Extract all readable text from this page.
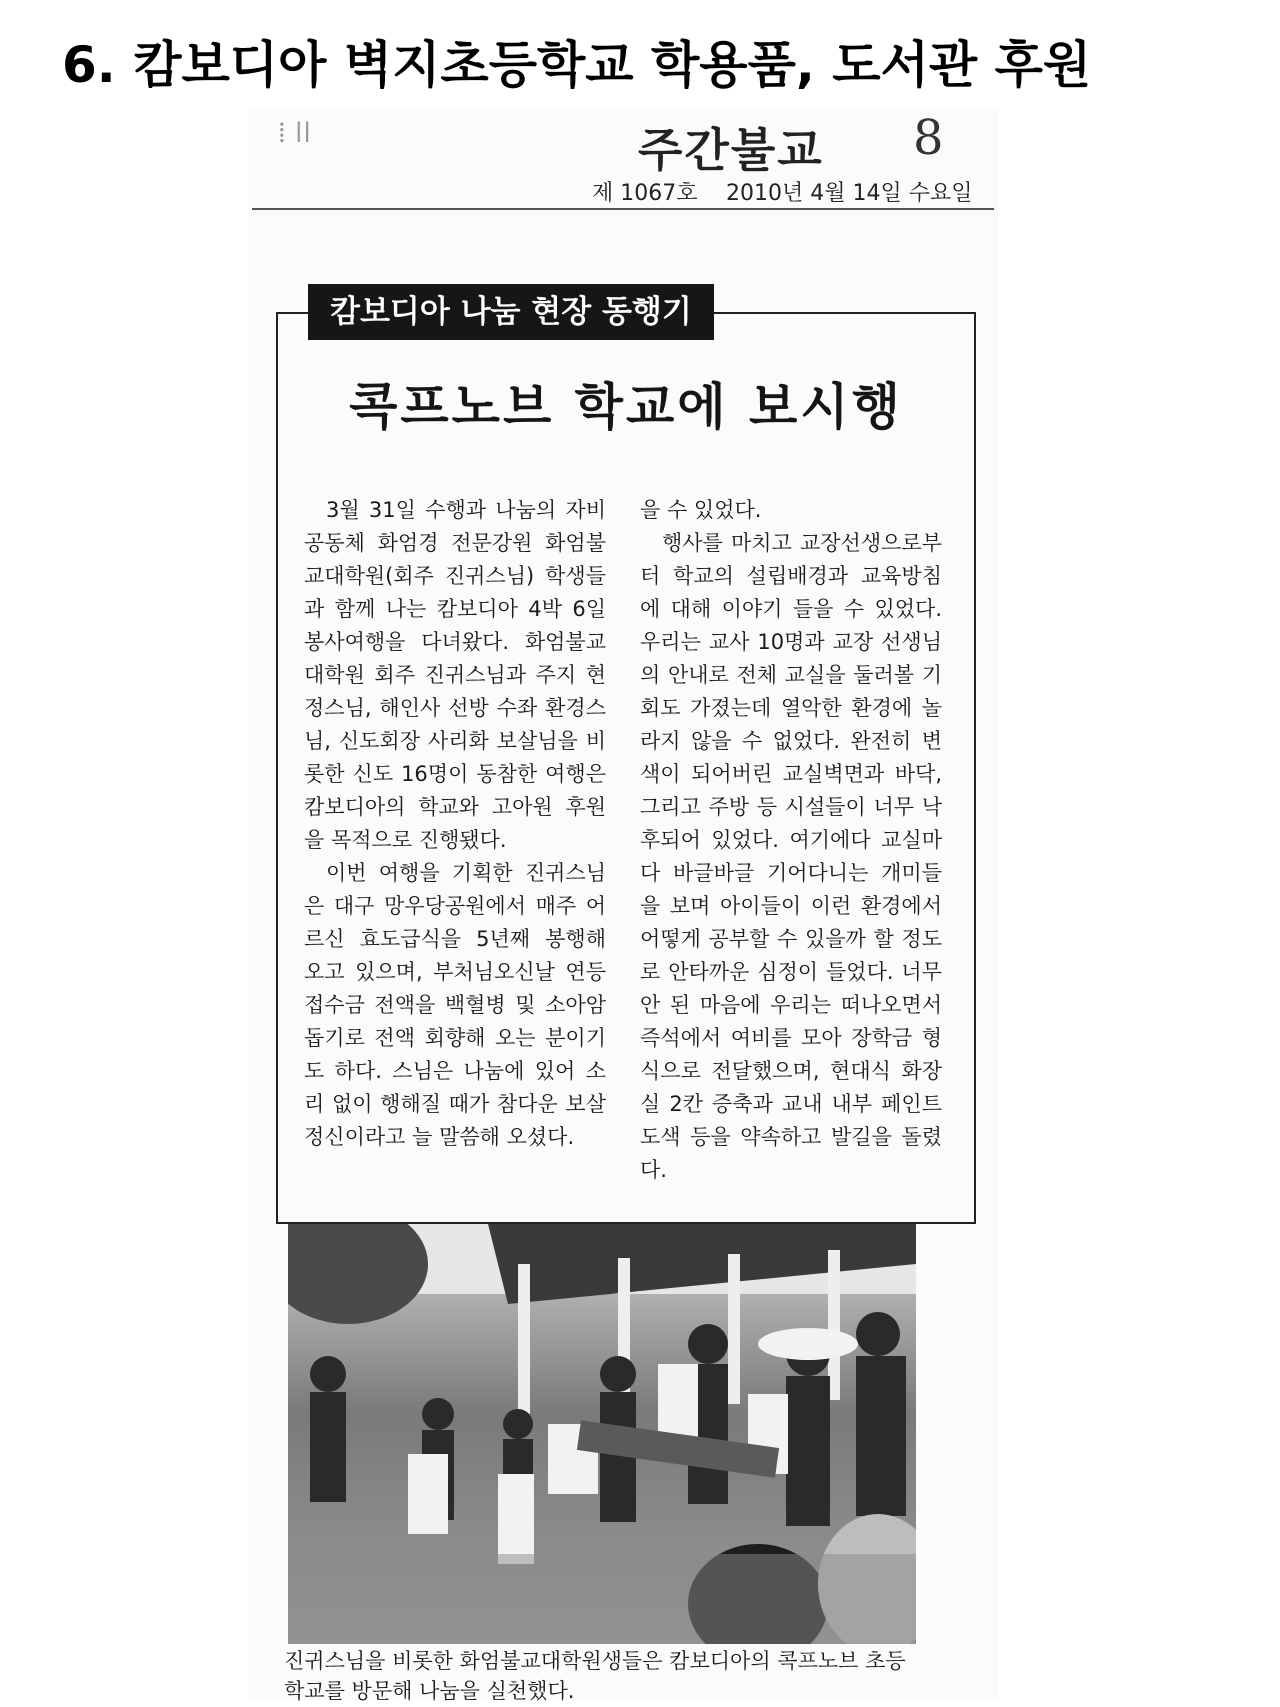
6. 캄보디아 벽지초등학교 학용품, 도서관 후원
⁞ ǀǀ	주간불교 8
제 1067호 2010년 4월 14일 수요일
캄보디아 나눔 현장 동행기
콕프노브 학교에 보시행

3월 31일 수행과 나눔의 자비공동체 화엄경 전문강원 화엄불교대학원(회주 진귀스님) 학생들과 함께 나는 캄보디아 4박 6일 봉사여행을 다녀왔다. 화엄불교대학원 회주 진귀스님과 주지 현정스님, 해인사 선방 수좌 환경스님, 신도회장 사리화 보살님을 비롯한 신도 16명이 동참한 여행은 캄보디아의 학교와 고아원 후원을 목적으로 진행됐다.

이번 여행을 기획한 진귀스님은 대구 망우당공원에서 매주 어르신 효도급식을 5년째 봉행해 오고 있으며, 부처님오신날 연등 접수금 전액을 백혈병 및 소아암 돕기로 전액 회향해 오는 분이기도 하다. 스님은 나눔에 있어 소리 없이 행해질 때가 참다운 보살 정신이라고 늘 말씀해 오셨다.

을 수 있었다.

행사를 마치고 교장선생으로부터 학교의 설립배경과 교육방침에 대해 이야기 들을 수 있었다. 우리는 교사 10명과 교장 선생님의 안내로 전체 교실을 둘러볼 기회도 가졌는데 열악한 환경에 놀라지 않을 수 없었다. 완전히 변색이 되어버린 교실벽면과 바닥, 그리고 주방 등 시설들이 너무 낙후되어 있었다. 여기에다 교실마다 바글바글 기어다니는 개미들을 보며 아이들이 이런 환경에서 어떻게 공부할 수 있을까 할 정도로 안타까운 심정이 들었다. 너무 안 된 마음에 우리는 떠나오면서 즉석에서 여비를 모아 장학금 형식으로 전달했으며, 현대식 화장실 2칸 증축과 교내 내부 페인트 도색 등을 약속하고 발길을 돌렸다.

진귀스님을 비롯한 화엄불교대학원생들은 캄보디아의 콕프노브 초등학교를 방문해 나눔을 실천했다.
